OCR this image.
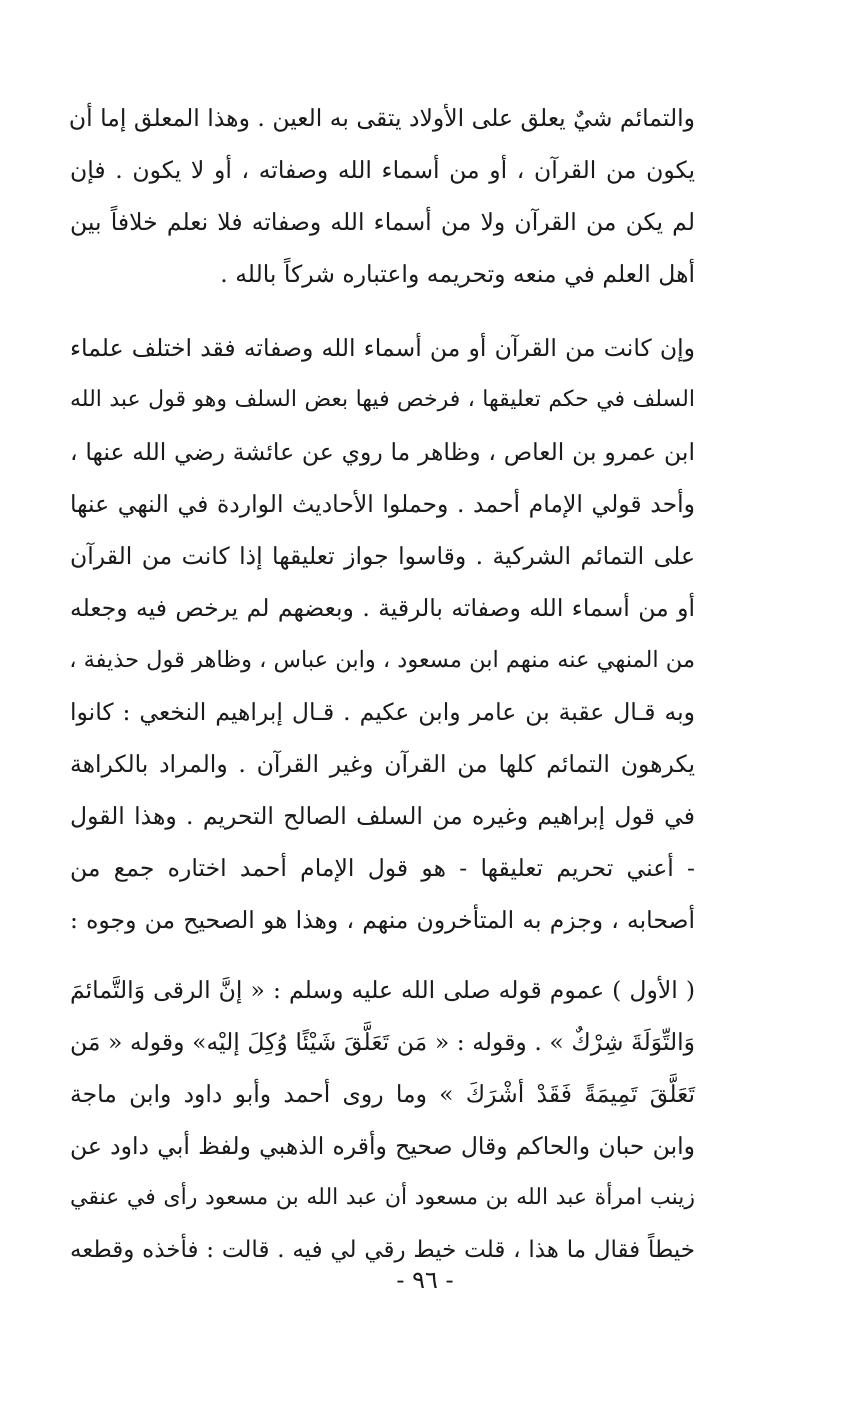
والتمائم شيٌ يعلق على الأولاد يتقى به العين . وهذا المعلق إما أن
يكون من القرآن ، أو من أسماء الله وصفاته ، أو لا يكون . فإن
لم يكن من القرآن ولا من أسماء الله وصفاته فلا نعلم خلافاً بين
أهل العلم في منعه وتحريمه واعتباره شركاً بالله .

وإن كانت من القرآن أو من أسماء الله وصفاته فقد اختلف علماء
السلف في حكم تعليقها ، فرخص فيها بعض السلف وهو قول عبد الله
ابن عمرو بن العاص ، وظاهر ما روي عن عائشة رضي الله عنها ،
وأحد قولي الإمام أحمد . وحملوا الأحاديث الواردة في النهي عنها
على التمائم الشركية . وقاسوا جواز تعليقها إذا كانت من القرآن
أو من أسماء الله وصفاته بالرقية . وبعضهم لم يرخص فيه وجعله
من المنهي عنه منهم ابن مسعود ، وابن عباس ، وظاهر قول حذيفة ،
وبه قـال عقبة بن عامر وابن عكيم . قـال إبراهيم النخعي : كانوا
يكرهون التمائم كلها من القرآن وغير القرآن . والمراد بالكراهة
في قول إبراهيم وغيره من السلف الصالح التحريم . وهذا القول
- أعني تحريم تعليقها - هو قول الإمام أحمد اختاره جمع من
أصحابه ، وجزم به المتأخرون منهم ، وهذا هو الصحيح من وجوه :

( الأول ) عموم قوله صلى الله عليه وسلم : « إنَّ الرقى وَالتَّمائمَ
وَالتِّوَلَةَ شِرْكٌ » . وقوله : « مَن تَعَلَّقَ شَيْئًا وُكِلَ إليْه» وقوله « مَن
تَعَلَّقَ تَمِيمَةً فَقَدْ أشْرَكَ » وما روى أحمد وأبو داود وابن ماجة
وابن حبان والحاكم وقال صحيح وأقره الذهبي ولفظ أبي داود عن
زينب امرأة عبد الله بن مسعود أن عبد الله بن مسعود رأى في عنقي
خيطاً فقال ما هذا ، قلت خيط رقي لي فيه . قالت : فأخذه وقطعه

- ٩٦ -
